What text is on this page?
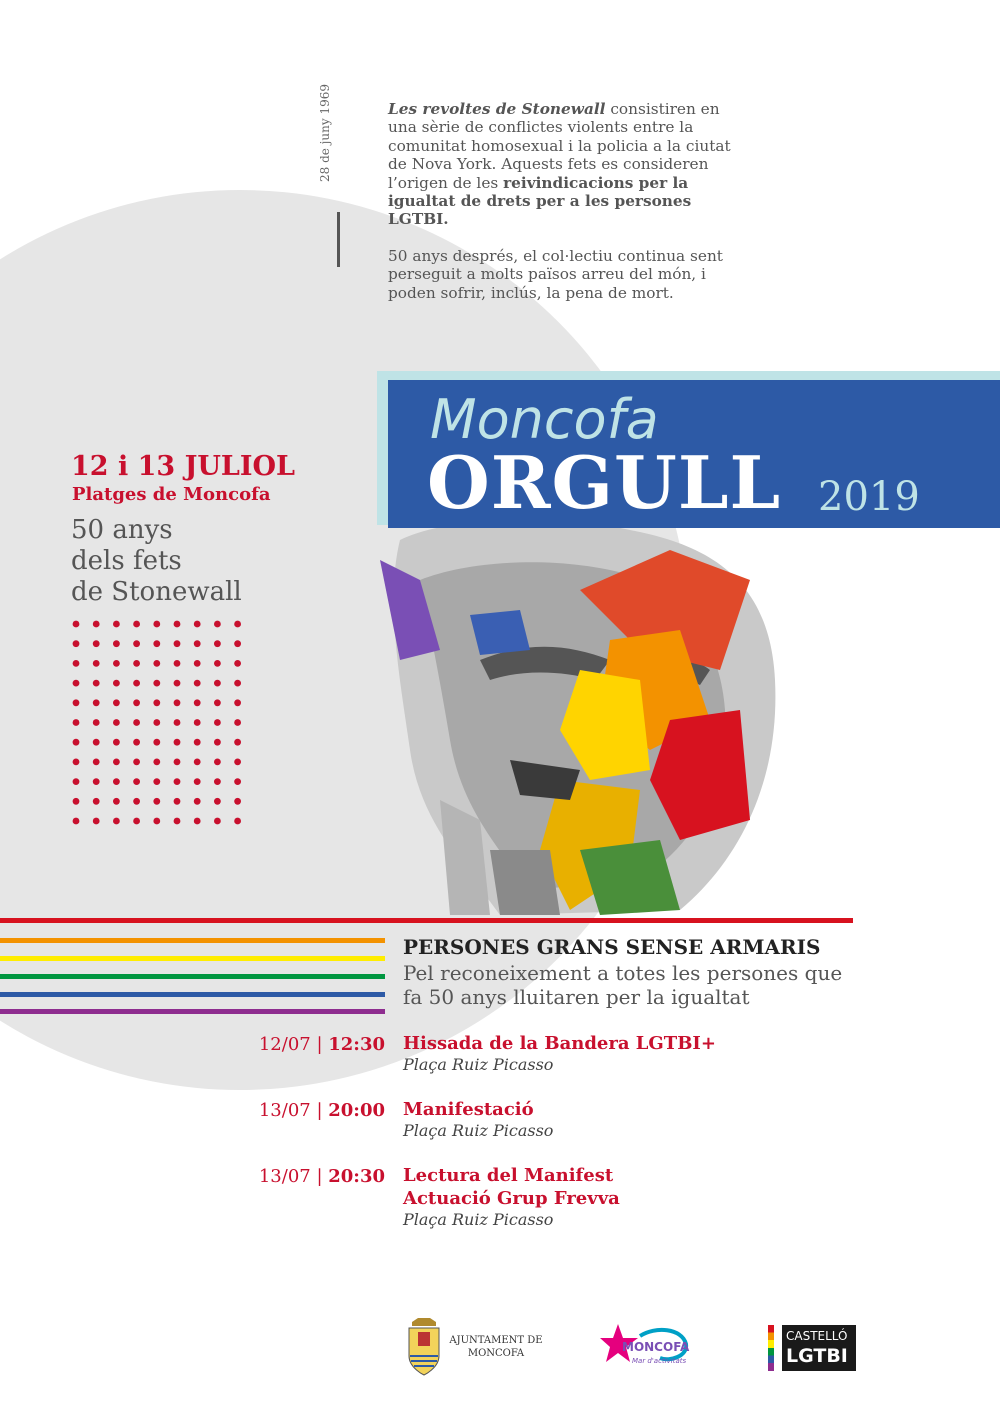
28 de juny 1969	Les revoltes de Stonewall consistiren en una sèrie de conflictes violents entre la comunitat homosexual i la policia a la ciutat de Nova York. Aquests fets es consideren l’origen de les reivindicacions per la igualtat de drets per a les persones LGTBI.

50 anys després, el col·lectiu continua sent perseguit a molts països arreu del món, i poden sofrir, inclús, la pena de mort.

Moncofa
ORGULL 2019
12 i 13 JULIOL
Platges de Moncofa
50 anys
dels fets
de Stonewall
PERSONES GRANS SENSE ARMARIS
Pel reconeixement a totes les persones que fa 50 anys lluitaren per la igualtat
12/07 | 12:30 Hissada de la Bandera LGTBI+
Plaça Ruiz Picasso
13/07 | 20:00 Manifestació
Plaça Ruiz Picasso
13/07 | 20:30 Lectura del Manifest
Actuació Grup Frevva
Plaça Ruiz Picasso
AJUNTAMENT DE
MONCOFA	MONCOFA
Mar d'activitats
CASTELLÓ
LGTBI
